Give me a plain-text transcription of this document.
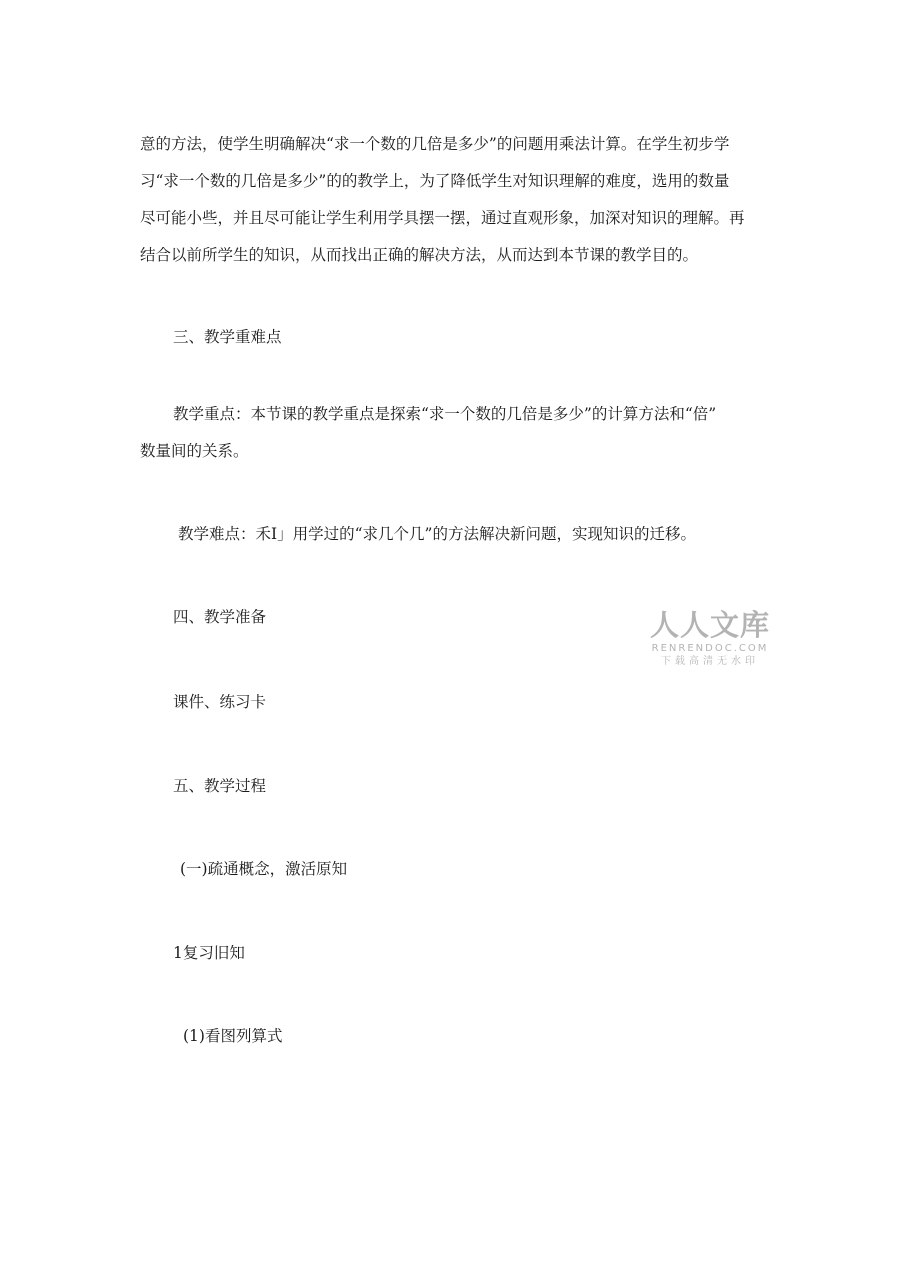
意的方法，使学生明确解决“求一个数的几倍是多少”的问题用乘法计算。在学生初步学
习“求一个数的几倍是多少”的的教学上，为了降低学生对知识理解的难度，选用的数量
尽可能小些，并且尽可能让学生利用学具摆一摆，通过直观形象，加深对知识的理解。再
结合以前所学生的知识，从而找出正确的解决方法，从而达到本节课的教学目的。

三、教学重难点

教学重点：本节课的教学重点是探索“求一个数的几倍是多少”的计算方法和“倍”
数量间的关系。

教学难点：禾I」用学过的“求几个几”的方法解决新问题，实现知识的迁移。

四、教学准备	人人文库
RENRENDOC.COM
下载高清无水印

课件、练习卡

五、教学过程

(一)疏通概念，激活原知

1复习旧知

(1)看图列算式
